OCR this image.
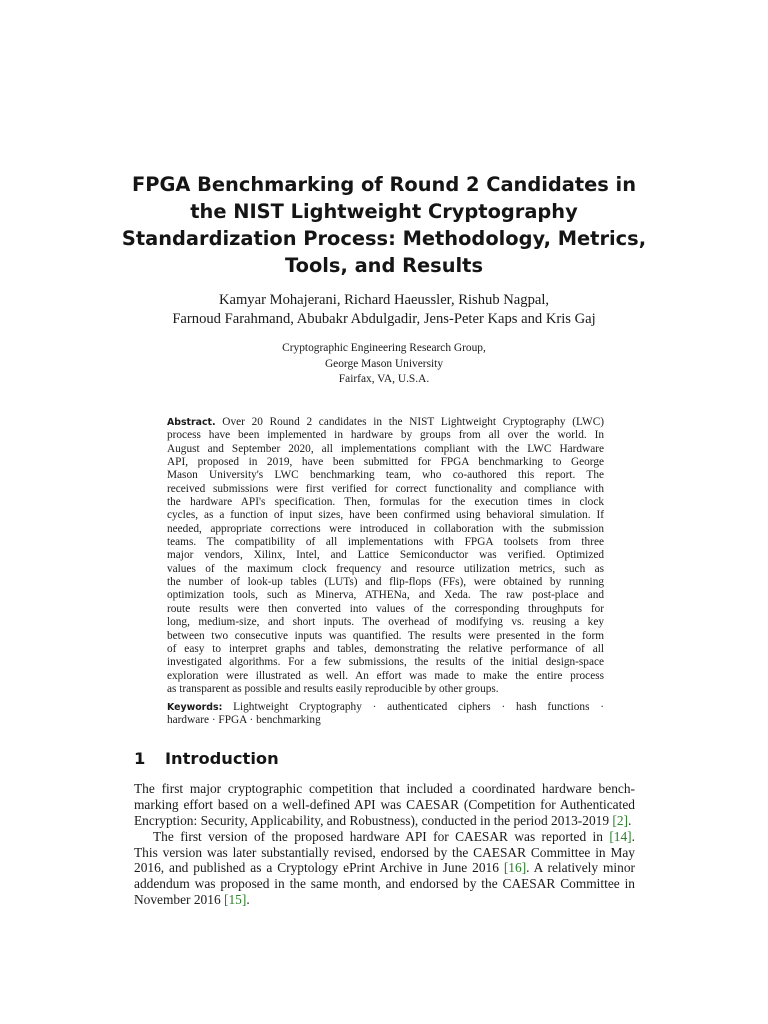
FPGA Benchmarking of Round 2 Candidates in
the NIST Lightweight Cryptography
Standardization Process: Methodology, Metrics,
Tools, and Results
Kamyar Mohajerani, Richard Haeussler, Rishub Nagpal,
Farnoud Farahmand, Abubakr Abdulgadir, Jens-Peter Kaps and Kris Gaj
Cryptographic Engineering Research Group,
George Mason University
Fairfax, VA, U.S.A.
Abstract. Over 20 Round 2 candidates in the NIST Lightweight Cryptography (LWC)
process have been implemented in hardware by groups from all over the world. In
August and September 2020, all implementations compliant with the LWC Hardware
API, proposed in 2019, have been submitted for FPGA benchmarking to George
Mason University's LWC benchmarking team, who co-authored this report. The
received submissions were first verified for correct functionality and compliance with
the hardware API's specification. Then, formulas for the execution times in clock
cycles, as a function of input sizes, have been confirmed using behavioral simulation. If
needed, appropriate corrections were introduced in collaboration with the submission
teams. The compatibility of all implementations with FPGA toolsets from three
major vendors, Xilinx, Intel, and Lattice Semiconductor was verified. Optimized
values of the maximum clock frequency and resource utilization metrics, such as
the number of look-up tables (LUTs) and flip-flops (FFs), were obtained by running
optimization tools, such as Minerva, ATHENa, and Xeda. The raw post-place and
route results were then converted into values of the corresponding throughputs for
long, medium-size, and short inputs. The overhead of modifying vs. reusing a key
between two consecutive inputs was quantified. The results were presented in the form
of easy to interpret graphs and tables, demonstrating the relative performance of all
investigated algorithms. For a few submissions, the results of the initial design-space
exploration were illustrated as well. An effort was made to make the entire process
as transparent as possible and results easily reproducible by other groups.
Keywords: Lightweight Cryptography · authenticated ciphers · hash functions ·
hardware · FPGA · benchmarking
1 Introduction
The first major cryptographic competition that included a coordinated hardware bench-
marking effort based on a well-defined API was CAESAR (Competition for Authenticated
Encryption: Security, Applicability, and Robustness), conducted in the period 2013-2019 [2].
The first version of the proposed hardware API for CAESAR was reported in [14].
This version was later substantially revised, endorsed by the CAESAR Committee in May
2016, and published as a Cryptology ePrint Archive in June 2016 [16]. A relatively minor
addendum was proposed in the same month, and endorsed by the CAESAR Committee in
November 2016 [15].
